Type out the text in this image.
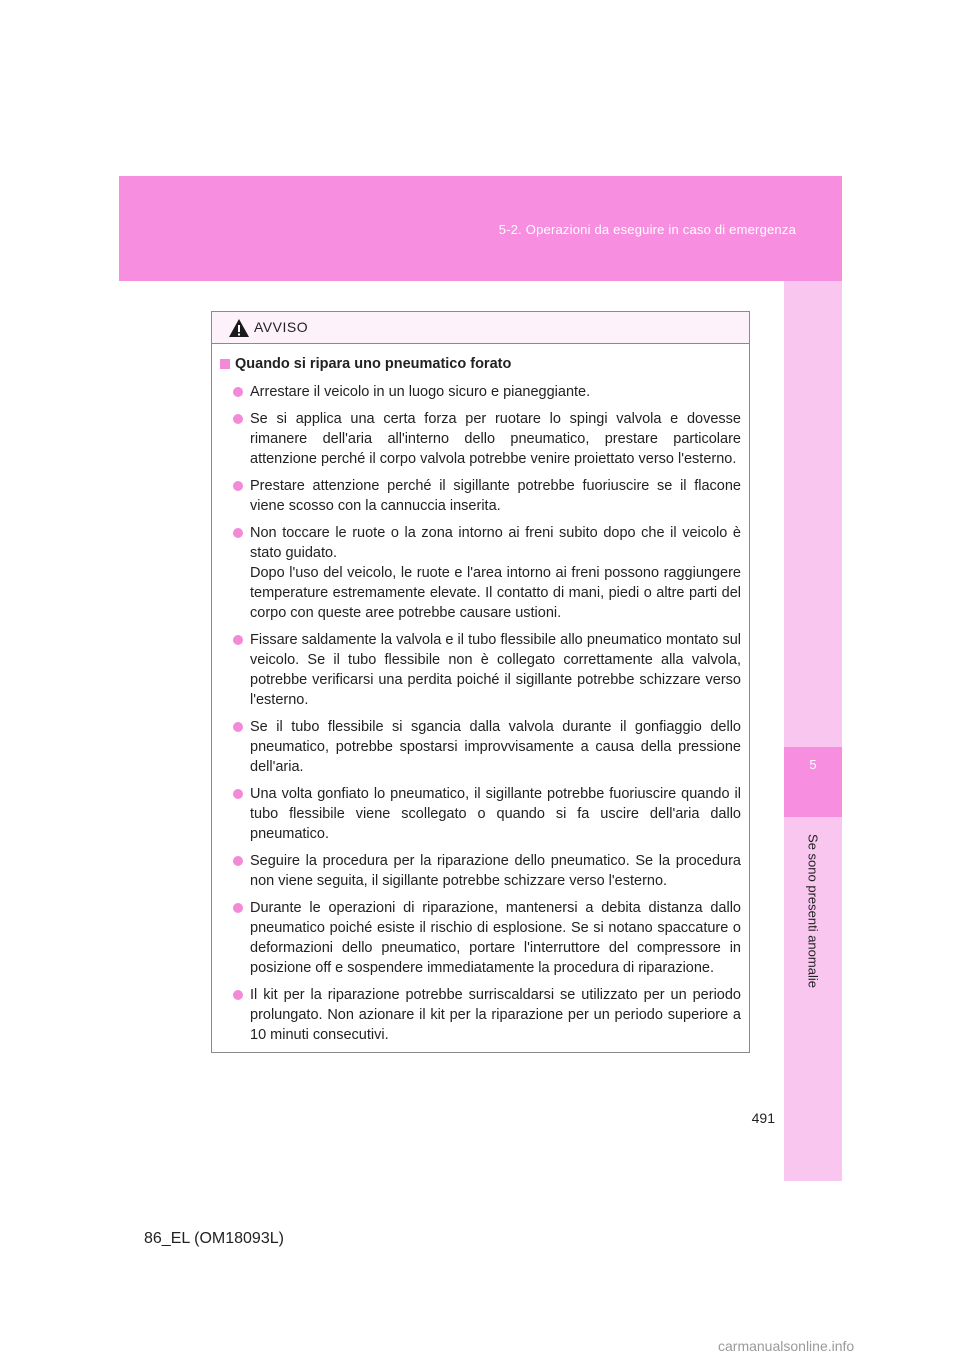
5-2. Operazioni da eseguire in caso di emergenza
5
Se sono presenti anomalie
AVVISO
Quando si ripara uno pneumatico forato
Arrestare il veicolo in un luogo sicuro e pianeggiante.
Se si applica una certa forza per ruotare lo spingi valvola e dovesse rimanere dell'aria all'interno dello pneumatico, prestare particolare attenzione perché il corpo valvola potrebbe venire proiettato verso l'esterno.
Prestare attenzione perché il sigillante potrebbe fuoriuscire se il flacone viene scosso con la cannuccia inserita.
Non toccare le ruote o la zona intorno ai freni subito dopo che il veicolo è stato guidato.
Dopo l'uso del veicolo, le ruote e l'area intorno ai freni possono raggiungere temperature estremamente elevate. Il contatto di mani, piedi o altre parti del corpo con queste aree potrebbe causare ustioni.
Fissare saldamente la valvola e il tubo flessibile allo pneumatico montato sul veicolo. Se il tubo flessibile non è collegato correttamente alla valvola, potrebbe verificarsi una perdita poiché il sigillante potrebbe schizzare verso l'esterno.
Se il tubo flessibile si sgancia dalla valvola durante il gonfiaggio dello pneumatico, potrebbe spostarsi improvvisamente a causa della pressione dell'aria.
Una volta gonfiato lo pneumatico, il sigillante potrebbe fuoriuscire quando il tubo flessibile viene scollegato o quando si fa uscire dell'aria dallo pneumatico.
Seguire la procedura per la riparazione dello pneumatico. Se la procedura non viene seguita, il sigillante potrebbe schizzare verso l'esterno.
Durante le operazioni di riparazione, mantenersi a debita distanza dallo pneumatico poiché esiste il rischio di esplosione. Se si notano spaccature o deformazioni dello pneumatico, portare l'interruttore del compressore in posizione off e sospendere immediatamente la procedura di riparazione.
Il kit per la riparazione potrebbe surriscaldarsi se utilizzato per un periodo prolungato. Non azionare il kit per la riparazione per un periodo superiore a 10 minuti consecutivi.
491
86_EL (OM18093L)
carmanualsonline.info
